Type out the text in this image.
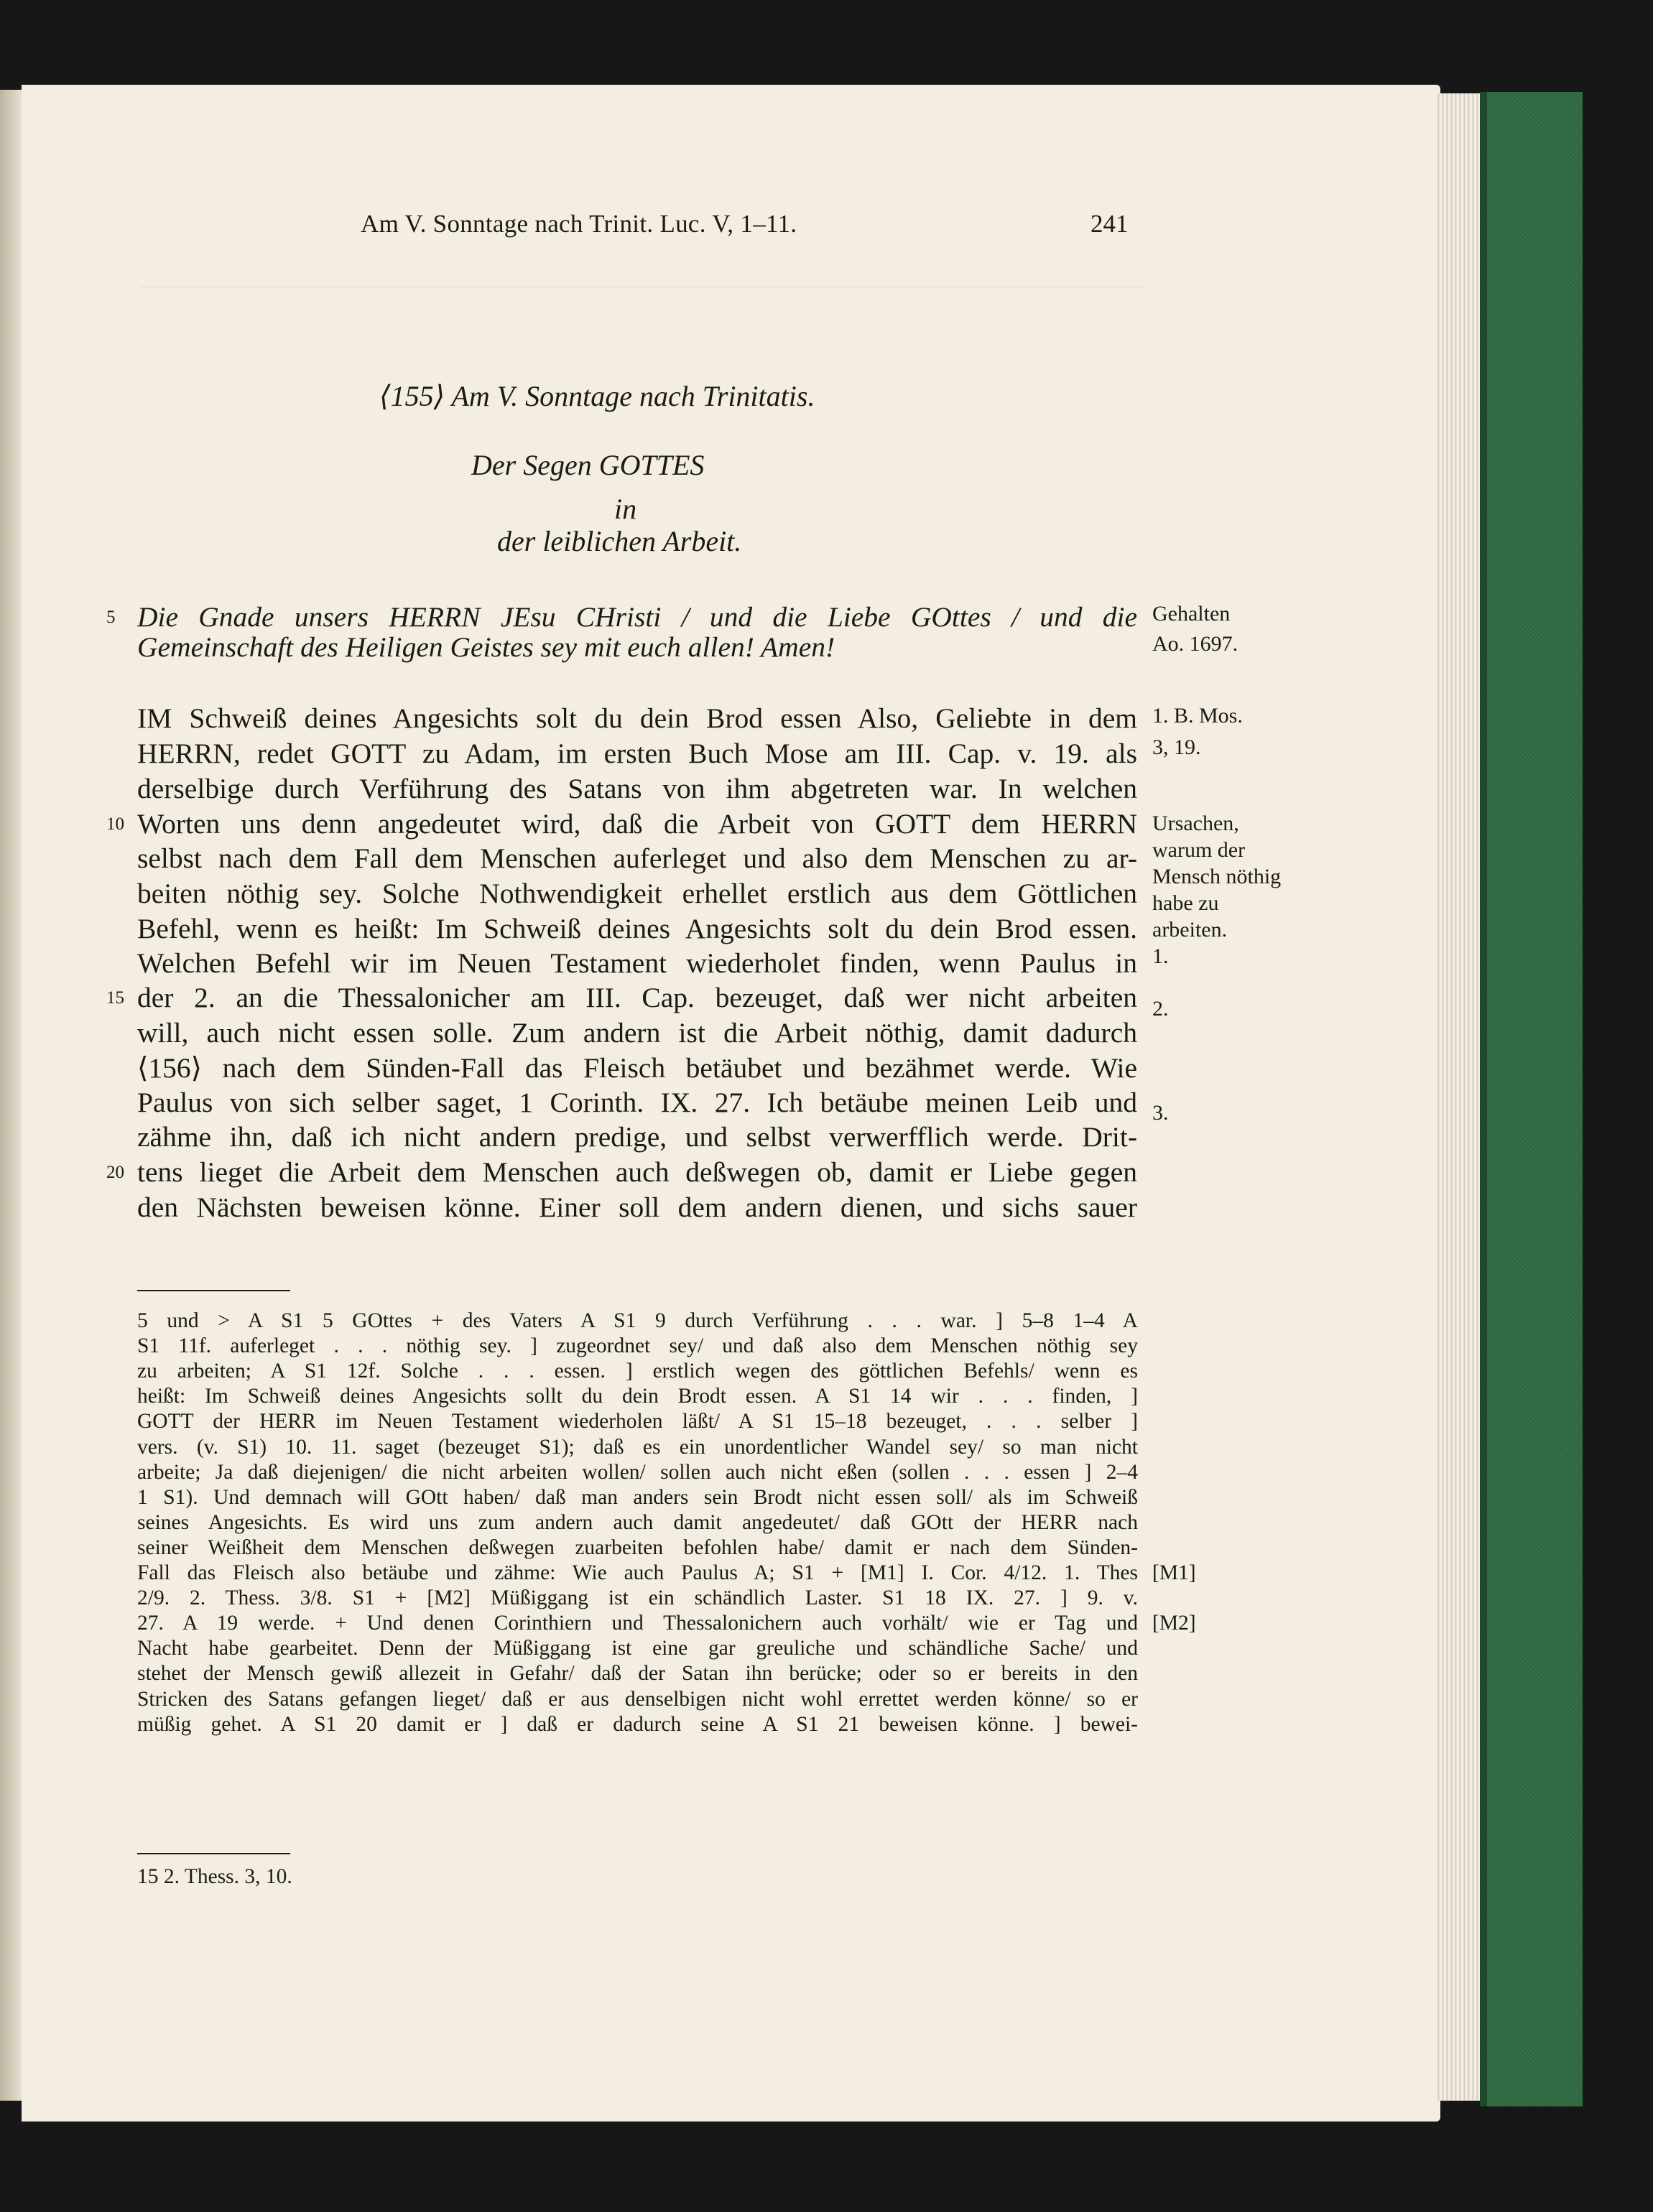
Am V. Sonntage nach Trinit. Luc. V, 1–11.	241
⟨155⟩ Am V. Sonntage nach Trinitatis.
Der Segen GOTTES
in
der leiblichen Arbeit.
Die Gnade unsers HERRN JEsu CHristi / und die Liebe GOttes / und die
5
Gemeinschaft des Heiligen Geistes sey mit euch allen! Amen!
IM Schweiß deines Angesichts solt du dein Brod essen Also, Geliebte in dem
HERRN, redet GOTT zu Adam, im ersten Buch Mose am III. Cap. v. 19. als
derselbige durch Verführung des Satans von ihm abgetreten war. In welchen
Worten uns denn angedeutet wird, daß die Arbeit von GOTT dem HERRN
10
selbst nach dem Fall dem Menschen auferleget und also dem Menschen zu ar-
beiten nöthig sey. Solche Nothwendigkeit erhellet erstlich aus dem Göttlichen
Befehl, wenn es heißt: Im Schweiß deines Angesichts solt du dein Brod essen.
Welchen Befehl wir im Neuen Testament wiederholet finden, wenn Paulus in
der 2. an die Thessalonicher am III. Cap. bezeuget, daß wer nicht arbeiten
15
will, auch nicht essen solle. Zum andern ist die Arbeit nöthig, damit dadurch
⟨156⟩ nach dem Sünden-Fall das Fleisch betäubet und bezähmet werde. Wie
Paulus von sich selber saget, 1 Corinth. IX. 27. Ich betäube meinen Leib und
zähme ihn, daß ich nicht andern predige, und selbst verwerfflich werde. Drit-
tens lieget die Arbeit dem Menschen auch deßwegen ob, damit er Liebe gegen
20
den Nächsten beweisen könne. Einer soll dem andern dienen, und sichs sauer
Gehalten
Ao. 1697.
1. B. Mos.
3, 19.
Ursachen,
warum der
Mensch nöthig
habe zu
arbeiten.
1.
2.
3.
5 und > A S1 5 GOttes + des Vaters A S1 9 durch Verführung . . . war. ] 5–8 1–4 A
S1 11f. auferleget . . . nöthig sey. ] zugeordnet sey/ und daß also dem Menschen nöthig sey
zu arbeiten; A S1 12f. Solche . . . essen. ] erstlich wegen des göttlichen Befehls/ wenn es
heißt: Im Schweiß deines Angesichts sollt du dein Brodt essen. A S1 14 wir . . . finden, ]
GOTT der HERR im Neuen Testament wiederholen läßt/ A S1 15–18 bezeuget, . . . selber ]
vers. (v. S1) 10. 11. saget (bezeuget S1); daß es ein unordentlicher Wandel sey/ so man nicht
arbeite; Ja daß diejenigen/ die nicht arbeiten wollen/ sollen auch nicht eßen (sollen . . . essen ] 2–4
1 S1). Und demnach will GOtt haben/ daß man anders sein Brodt nicht essen soll/ als im Schweiß
seines Angesichts. Es wird uns zum andern auch damit angedeutet/ daß GOtt der HERR nach
seiner Weißheit dem Menschen deßwegen zuarbeiten befohlen habe/ damit er nach dem Sünden-
Fall das Fleisch also betäube und zähme: Wie auch Paulus A; S1 + [M1] I. Cor. 4/12. 1. Thes
2/9. 2. Thess. 3/8. S1 + [M2] Müßiggang ist ein schändlich Laster. S1 18 IX. 27. ] 9. v.
27. A 19 werde. + Und denen Corinthiern und Thessalonichern auch vorhält/ wie er Tag und
Nacht habe gearbeitet. Denn der Müßiggang ist eine gar greuliche und schändliche Sache/ und
stehet der Mensch gewiß allezeit in Gefahr/ daß der Satan ihn berücke; oder so er bereits in den
Stricken des Satans gefangen lieget/ daß er aus denselbigen nicht wohl errettet werden könne/ so er
müßig gehet. A S1 20 damit er ] daß er dadurch seine A S1 21 beweisen könne. ] bewei-
[M1]
[M2]
15 2. Thess. 3, 10.
